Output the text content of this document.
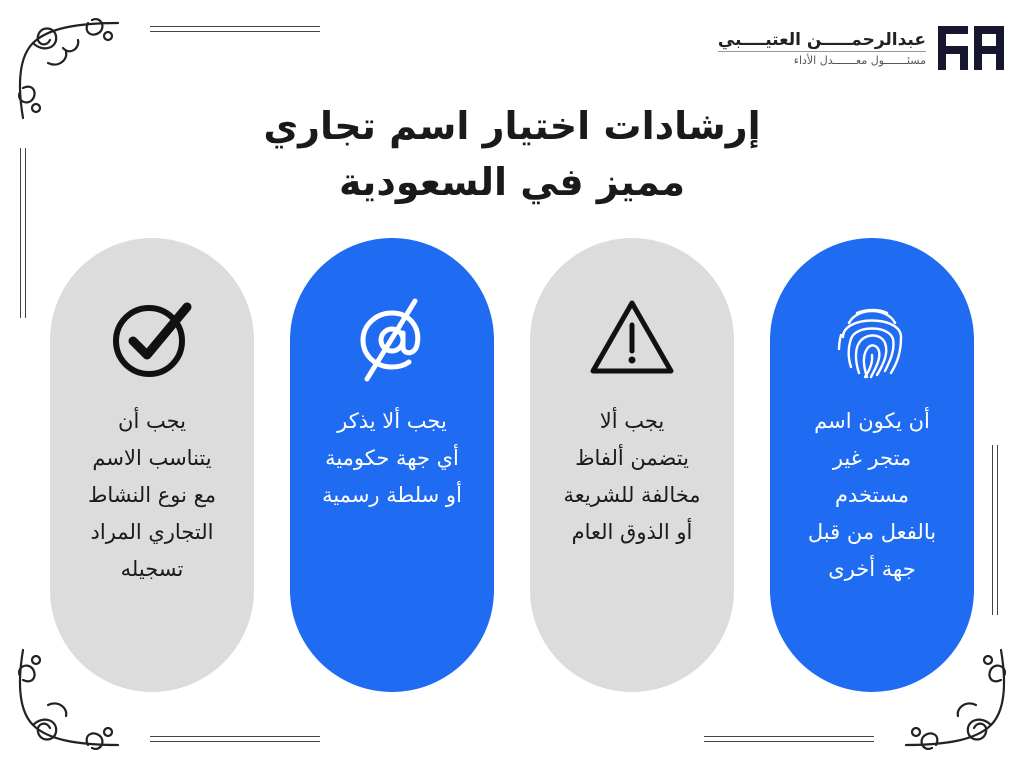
عبدالرحمـــــن العتيــــبي
مسئـــــــول معـــــــدل الأداء
إرشادات اختيار اسم تجاري
مميز في السعودية
أن يكون اسم
متجر غير
مستخدم
بالفعل من قبل
جهة أخرى
يجب ألا
يتضمن ألفاظ
مخالفة للشريعة
أو الذوق العام
يجب ألا يذكر
أي جهة حكومية
أو سلطة رسمية
يجب أن
يتناسب الاسم
مع نوع النشاط
التجاري المراد
تسجيله
